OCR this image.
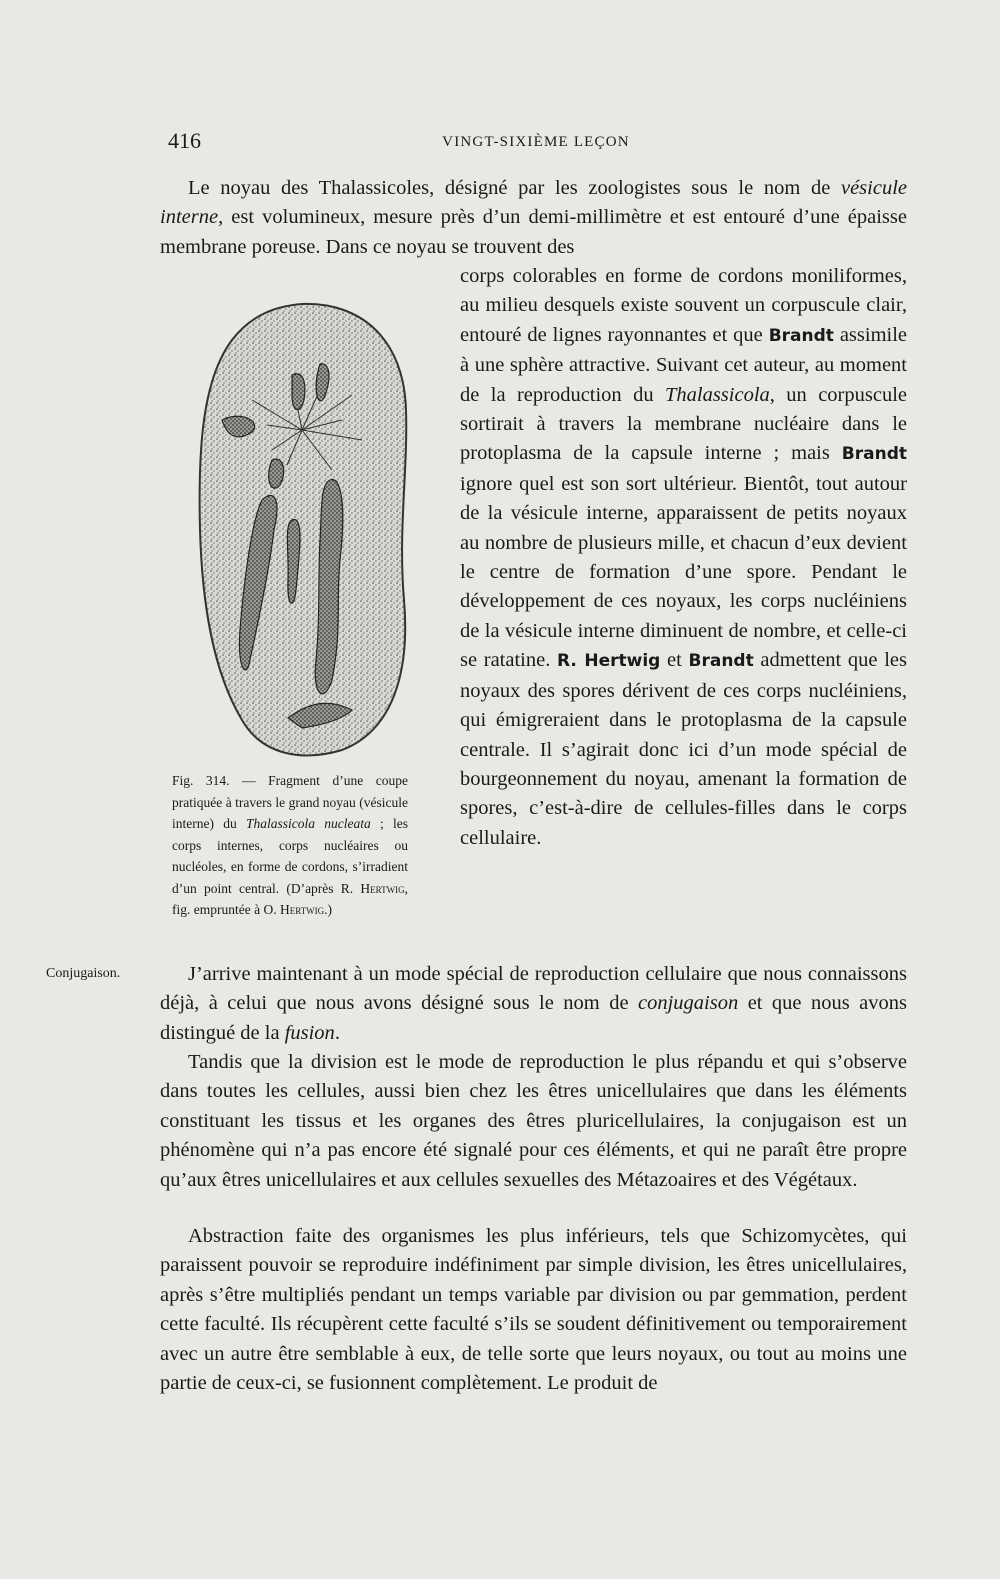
416	VINGT-SIXIÈME LEÇON

Le noyau des Thalassicoles, désigné par les zoologistes sous le nom de vésicule interne, est volumineux, mesure près d’un demi-millimètre et est entouré d’une épaisse membrane poreuse. Dans ce noyau se trouvent des

corps colorables en forme de cordons moniliformes, au milieu desquels existe souvent un corpuscule clair, entouré de lignes rayonnantes et que Brandt assimile à une sphère attractive. Suivant cet auteur, au moment de la reproduction du Thalassicola, un corpuscule sortirait à travers la membrane nucléaire dans le protoplasma de la capsule interne ; mais Brandt ignore quel est son sort ultérieur. Bientôt, tout autour de la vésicule interne, apparaissent de petits noyaux au nombre de plusieurs mille, et chacun d’eux devient le centre de formation d’une spore. Pendant le développement de ces noyaux, les corps nucléiniens de la vésicule interne diminuent de nombre, et celle-ci se ratatine. R. Hertwig et Brandt admettent que les noyaux des spores dérivent de ces corps nucléiniens, qui émigreraient dans le protoplasma de la capsule centrale. Il s’agirait donc ici d’un mode spécial de bourgeonnement du noyau, amenant la formation de spores, c’est-à-dire de cellules-filles dans le corps cellulaire.

Fig. 314. — Fragment d’une coupe pratiquée à travers le grand noyau (vésicule interne) du Thalassicola nucleata ; les corps internes, corps nucléaires ou nucléoles, en forme de cordons, s’irradient d’un point central. (D’après R. Hertwig, fig. empruntée à O. Hertwig.)

Conjugaison.	J’arrive maintenant à un mode spécial de reproduction cellulaire que nous connaissons déjà, à celui que nous avons désigné sous le nom de conjugaison et que nous avons distingué de la fusion.

Tandis que la division est le mode de reproduction le plus répandu et qui s’observe dans toutes les cellules, aussi bien chez les êtres unicellulaires que dans les éléments constituant les tissus et les organes des êtres pluricellulaires, la conjugaison est un phénomène qui n’a pas encore été signalé pour ces éléments, et qui ne paraît être propre qu’aux êtres unicellulaires et aux cellules sexuelles des Métazoaires et des Végétaux.

Abstraction faite des organismes les plus inférieurs, tels que Schizomycètes, qui paraissent pouvoir se reproduire indéfiniment par simple division, les êtres unicellulaires, après s’être multipliés pendant un temps variable par division ou par gemmation, perdent cette faculté. Ils récupèrent cette faculté s’ils se soudent définitivement ou temporairement avec un autre être semblable à eux, de telle sorte que leurs noyaux, ou tout au moins une partie de ceux-ci, se fusionnent complètement. Le produit de
